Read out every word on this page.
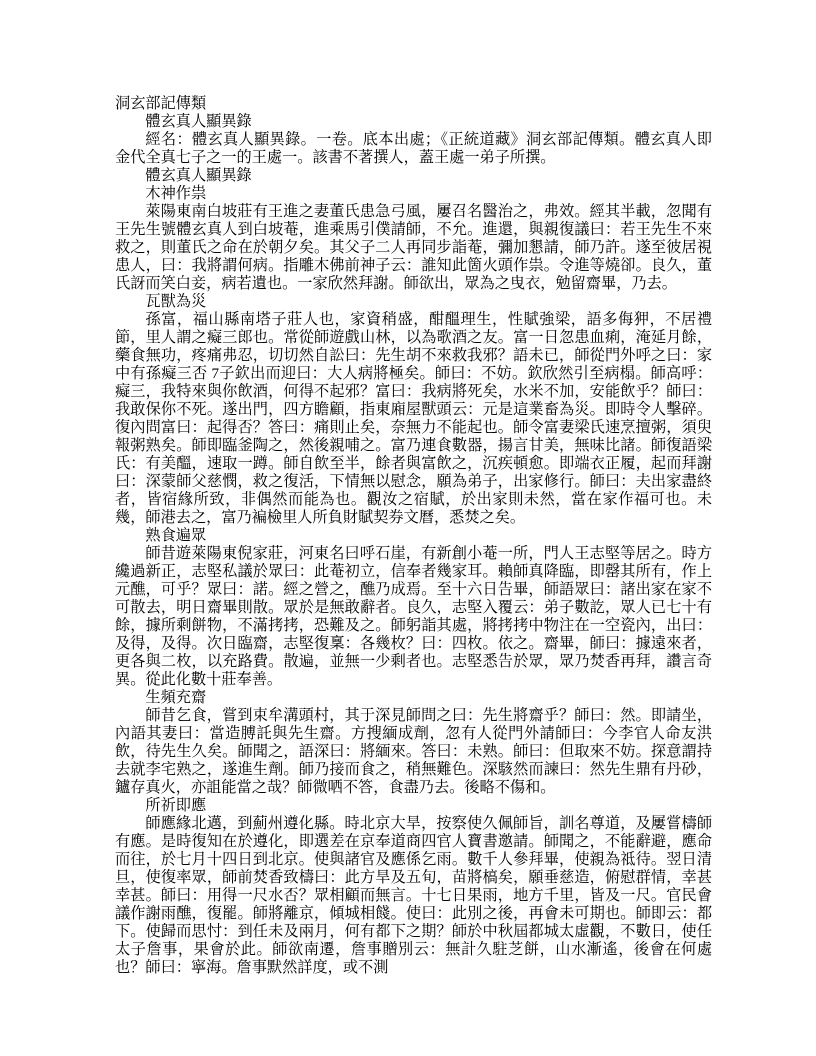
洞玄部記傳類

體玄真人顯異錄

經名：體玄真人顯異錄。一卷。底本出處；《正統道藏》洞玄部記傳類。體玄真人即金代全真七子之一的王處一。該書不著撰人，蓋王處一弟子所撰。

體玄真人顯異錄

木神作祟

萊陽東南白坡莊有王進之妻董氏患急弓風，屢召名醫治之，弗效。經其半載，忽聞有王先生號體玄真人到白坡菴，進乘馬引僕請師，不允。進還，與親復議曰：若王先生不來救之，則董氏之命在於朝夕矣。其父子二人再同步詣菴，彌加懇請，師乃許。遂至彼居視患人，曰：我將謂何病。指雕木佛前神子云：誰知此箇火頭作祟。令進等燒卻。良久，董氏訝而笑白妾，病若遺也。一家欣然拜謝。師欲出，眾為之曳衣，勉留齋畢，乃去。

瓦獸為災

孫富，福山縣南塔子莊人也，家資稍盛，酣醞理生，性賦強梁，語多侮狎，不居禮節，里人謂之癡三郎也。常從師遊戲山林，以為歌酒之友。富一日忽患血痢，淹延月餘，藥食無功，疼痛弗忍，切切然自訟曰：先生胡不來救我邪？語未已，師從門外呼之曰：家中有孫癡三否 7子欽出而迎曰：大人病將極矣。師曰：不妨。欽欣然引至病榻。師高呼：癡三，我特來與你飲酒，何得不起邪？富曰：我病將死矣，水米不加，安能飲乎？師曰：我敢保你不死。遂出門，四方瞻顧，指東廂屋獸頭云：元是這業畜為災。即時令人擊碎。復內問富曰：起得否？答曰：痛則止矣，奈無力不能起也。師令富妻梁氏速烹擅粥，須臾報粥熟矣。師即臨釜陶之，然後親哺之。富乃連食數器，揚言甘美，無味比諸。師復語梁氏：有美醞，速取一蹲。師自飲至半，餘者與富飲之，沉疾頓愈。即端衣正履，起而拜謝曰：深蒙師父慈憫，救之復活，下情無以慰念，願為弟子，出家修行。師曰：夫出家盡終者，皆宿緣所致，非偶然而能為也。觀汝之宿賦，於出家則未然，當在家作福可也。未幾，師港去之，富乃褊檢里人所負財賦契券文曆，悉焚之矣。

熟食遍眾

師昔遊萊陽東倪家莊，河東名曰呼石崖，有新創小菴一所，門人王志堅等居之。時方纔過新正，志堅私議於眾曰：此菴初立，信奉者幾家耳。賴師真降臨，即罄其所有，作上元醮，可乎？眾曰：諾。經之營之，醮乃成焉。至十六日告畢，師語眾曰：諸出家在家不可散去，明日齋畢則散。眾於是無敢辭者。良久，志堅入覆云：弟子數訖，眾人已七十有餘，據所剩餅物，不滿拷拷，恐難及之。師躬詣其處，將拷拷中物注在一空瓷內，出曰：及得，及得。次日臨齋，志堅復稟：各幾枚？曰：四枚。依之。齋畢，師曰：據遠來者，更各與二枚，以充路費。散遍，並無一少剩者也。志堅悉告於眾，眾乃焚香再拜，讚言奇異。從此化數十莊奉善。

生頻充齋

師昔乞食，嘗到束牟溝頭村，其于深見師問之曰：先生將齋乎？師曰：然。即請坐，內語其妻曰：當造膊託與先生齋。方搜緬成劑，忽有人從門外請師曰：今李官人命友洪飲，待先生久矣。師聞之，語深曰：將緬來。答曰：未熟。師曰：但取來不妨。探意謂持去就李宅熟之，遂進生劑。師乃接而食之，稍無難色。深駭然而諫曰：然先生鼎有丹砂，鑪存真火，亦詛能當之哉？師微哂不答，食盡乃去。後略不傷和。

所祈即應

師應緣北邁，到薊州遵化縣。時北京大旱，按察使久佩師旨，訓名尊道，及屢嘗檮師有應。是時復知在於遵化，即選差在京奉道商四官人寶書邀請。師聞之，不能辭避，應命而往，於七月十四日到北京。使與諸官及應係乞雨。數千人參拜畢，使親為祗待。翌日清旦，使復率眾，師前焚香致檮曰：此方旱及五旬，苗將槁矣，願垂慈造，俯慰群情，幸甚幸甚。師曰：用得一尺水否？眾相顧而無言。十七日果雨，地方千里，皆及一尺。官民會議作謝雨醮，復罷。師將離京，傾城相餞。使曰：此別之後，再會未可期也。師即云：都下。使歸而思忖：到任未及兩月，何有都下之期？師於中秋屆都城太虛觀，不數日，使任太子詹事，果會於此。師欲南遷，詹事贈別云：無計久駐芝餅，山水漸遙，後會在何處也？師曰：寧海。詹事默然詳度，或不測
